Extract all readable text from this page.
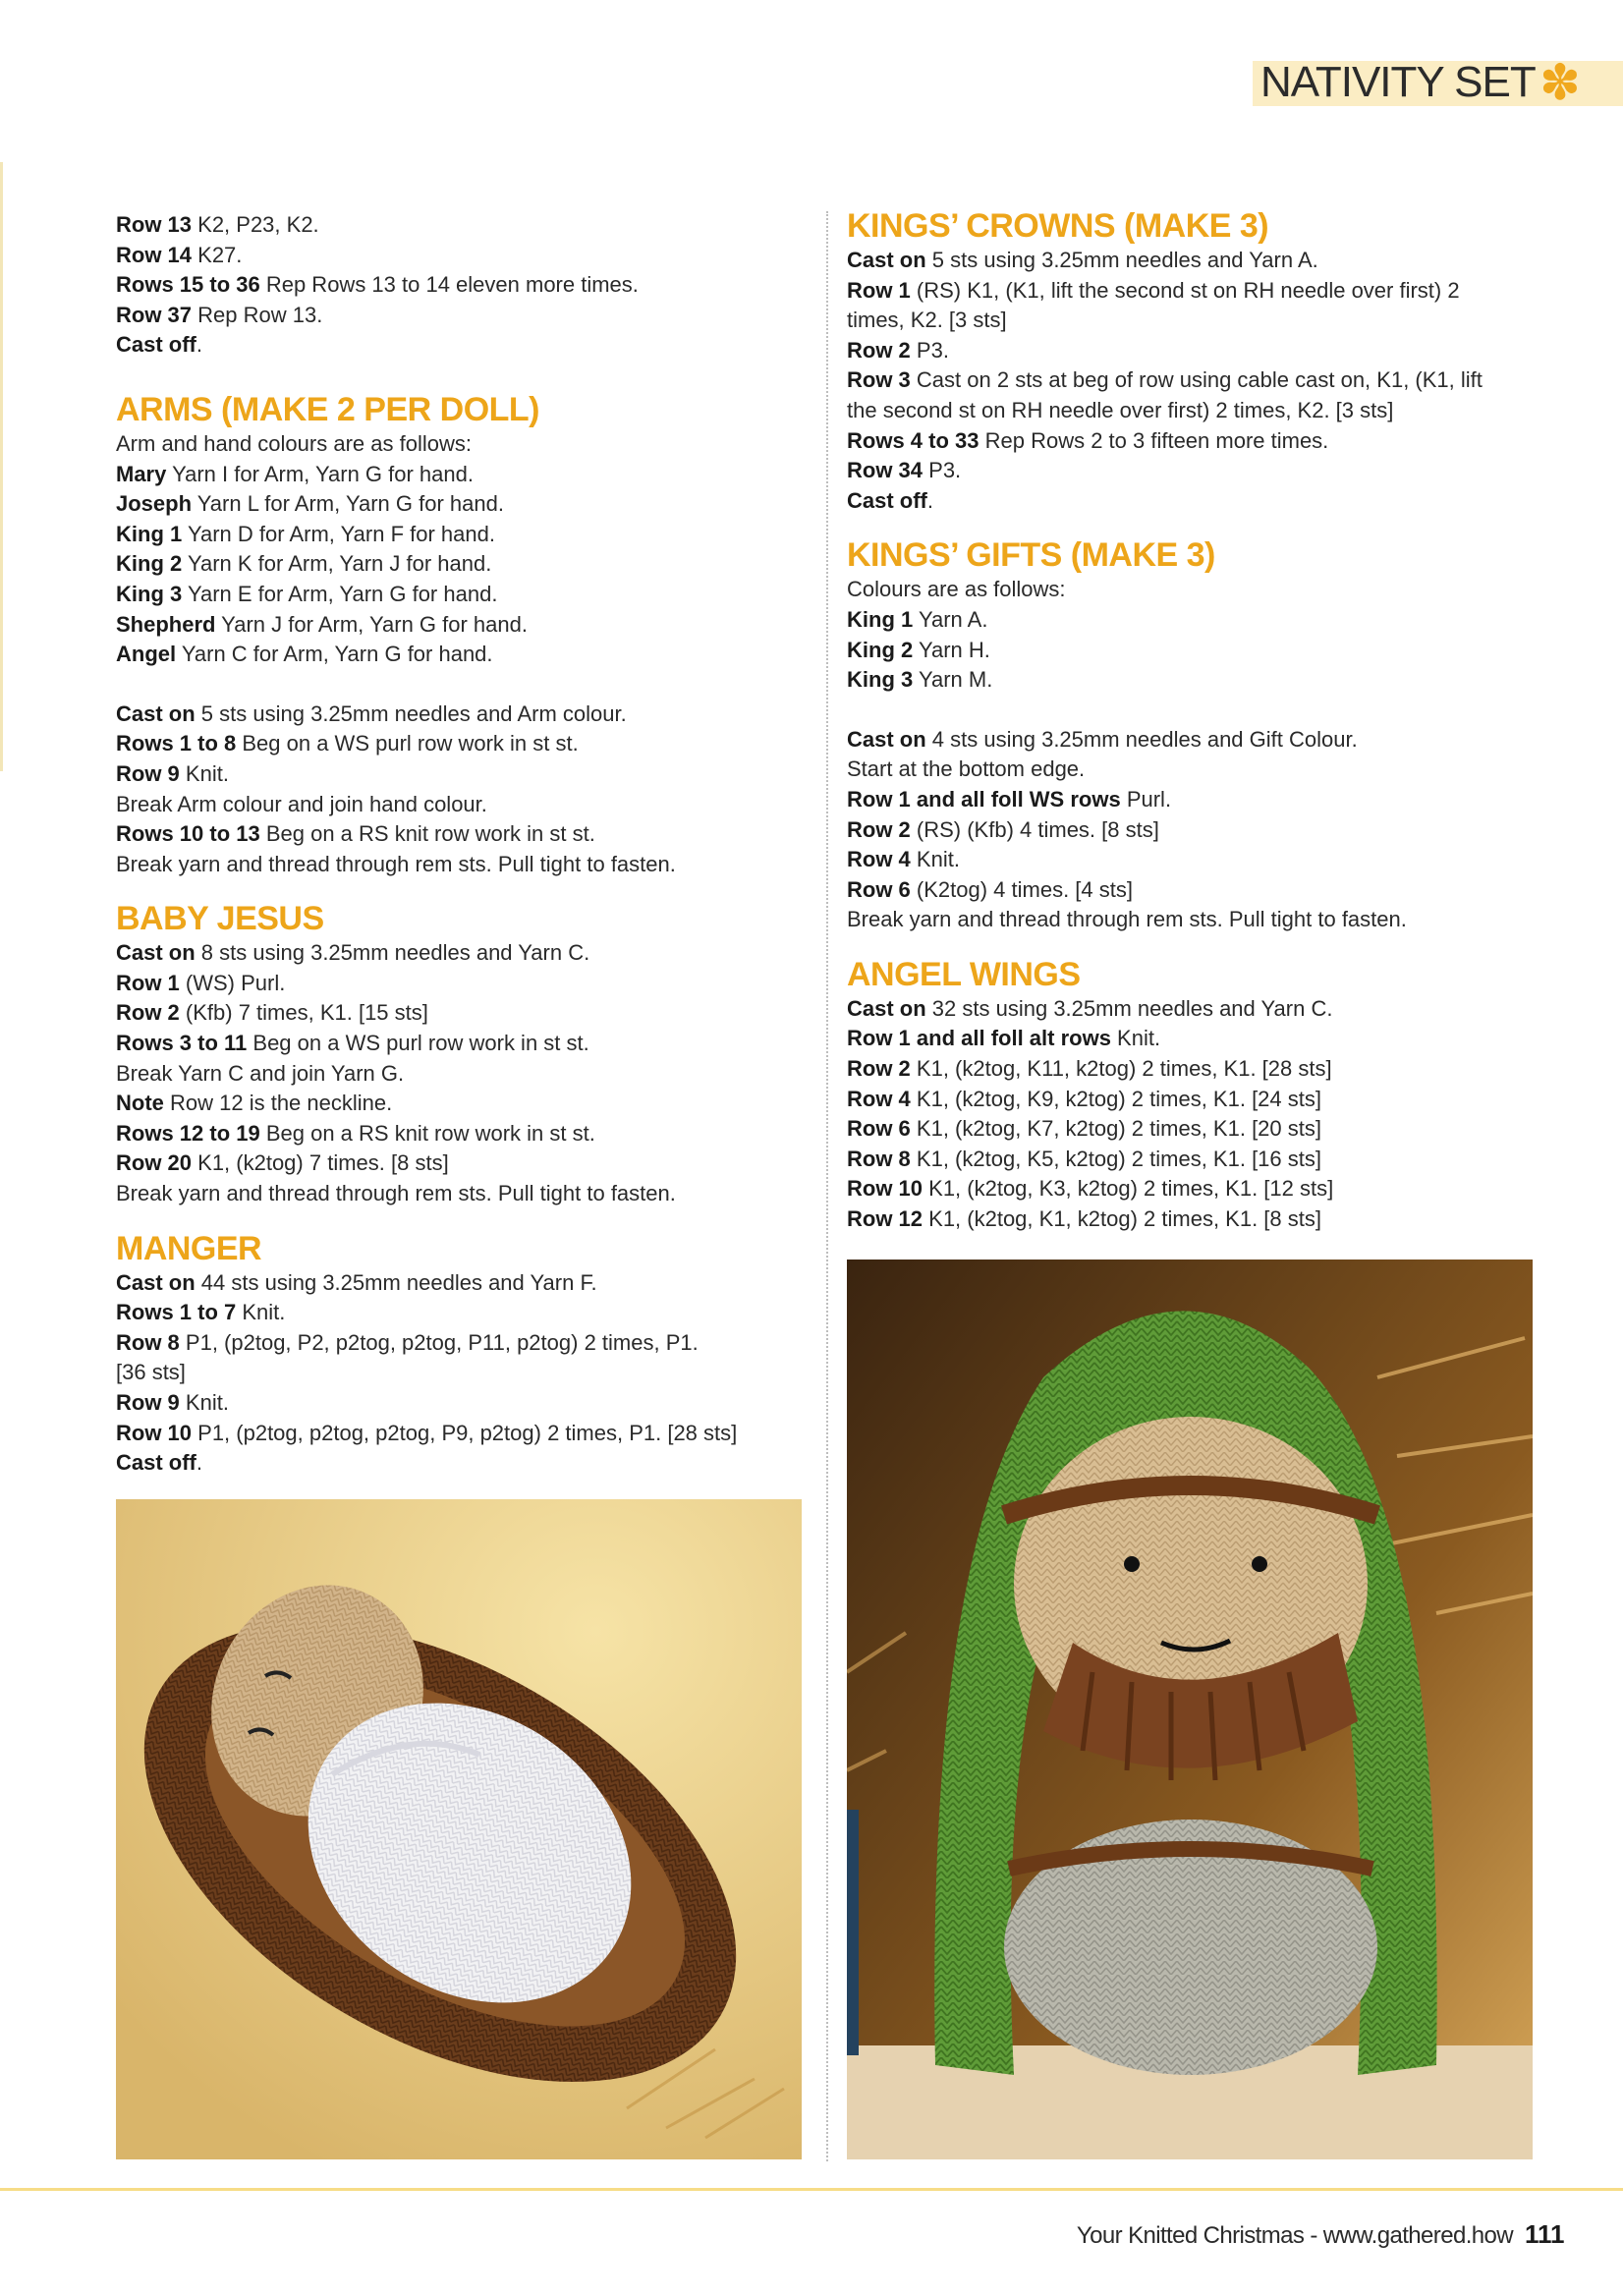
NATIVITY SET ✽

Row 13 K2, P23, K2.

Row 14 K27.

Rows 15 to 36 Rep Rows 13 to 14 eleven more times.

Row 37 Rep Row 13.

Cast off.

ARMS (MAKE 2 PER DOLL)

Arm and hand colours are as follows:

Mary Yarn I for Arm, Yarn G for hand.

Joseph Yarn L for Arm, Yarn G for hand.

King 1 Yarn D for Arm, Yarn F for hand.

King 2 Yarn K for Arm, Yarn J for hand.

King 3 Yarn E for Arm, Yarn G for hand.

Shepherd Yarn J for Arm, Yarn G for hand.

Angel Yarn C for Arm, Yarn G for hand.

Cast on 5 sts using 3.25mm needles and Arm colour.

Rows 1 to 8 Beg on a WS purl row work in st st.

Row 9 Knit.

Break Arm colour and join hand colour.

Rows 10 to 13 Beg on a RS knit row work in st st.

Break yarn and thread through rem sts. Pull tight to fasten.

BABY JESUS

Cast on 8 sts using 3.25mm needles and Yarn C.

Row 1 (WS) Purl.

Row 2 (Kfb) 7 times, K1. [15 sts]

Rows 3 to 11 Beg on a WS purl row work in st st.

Break Yarn C and join Yarn G.

Note Row 12 is the neckline.

Rows 12 to 19 Beg on a RS knit row work in st st.

Row 20 K1, (k2tog) 7 times. [8 sts]

Break yarn and thread through rem sts. Pull tight to fasten.

MANGER

Cast on 44 sts using 3.25mm needles and Yarn F.

Rows 1 to 7 Knit.

Row 8 P1, (p2tog, P2, p2tog, p2tog, P11, p2tog) 2 times, P1.

[36 sts]

Row 9 Knit.

Row 10 P1, (p2tog, p2tog, p2tog, P9, p2tog) 2 times, P1. [28 sts]

Cast off.

KINGS’ CROWNS (MAKE 3)

Cast on 5 sts using 3.25mm needles and Yarn A.

Row 1 (RS) K1, (K1, lift the second st on RH needle over first) 2

times, K2. [3 sts]

Row 2 P3.

Row 3 Cast on 2 sts at beg of row using cable cast on, K1, (K1, lift

the second st on RH needle over first) 2 times, K2. [3 sts]

Rows 4 to 33 Rep Rows 2 to 3 fifteen more times.

Row 34 P3.

Cast off.

KINGS’ GIFTS (MAKE 3)

Colours are as follows:

King 1 Yarn A.

King 2 Yarn H.

King 3 Yarn M.

Cast on 4 sts using 3.25mm needles and Gift Colour.

Start at the bottom edge.

Row 1 and all foll WS rows Purl.

Row 2 (RS) (Kfb) 4 times. [8 sts]

Row 4 Knit.

Row 6 (K2tog) 4 times. [4 sts]

Break yarn and thread through rem sts. Pull tight to fasten.

ANGEL WINGS

Cast on 32 sts using 3.25mm needles and Yarn C.

Row 1 and all foll alt rows Knit.

Row 2 K1, (k2tog, K11, k2tog) 2 times, K1. [28 sts]

Row 4 K1, (k2tog, K9, k2tog) 2 times, K1. [24 sts]

Row 6 K1, (k2tog, K7, k2tog) 2 times, K1. [20 sts]

Row 8 K1, (k2tog, K5, k2tog) 2 times, K1. [16 sts]

Row 10 K1, (k2tog, K3, k2tog) 2 times, K1. [12 sts]

Row 12 K1, (k2tog, K1, k2tog) 2 times, K1. [8 sts]

Your Knitted Christmas - www.gathered.how 111
